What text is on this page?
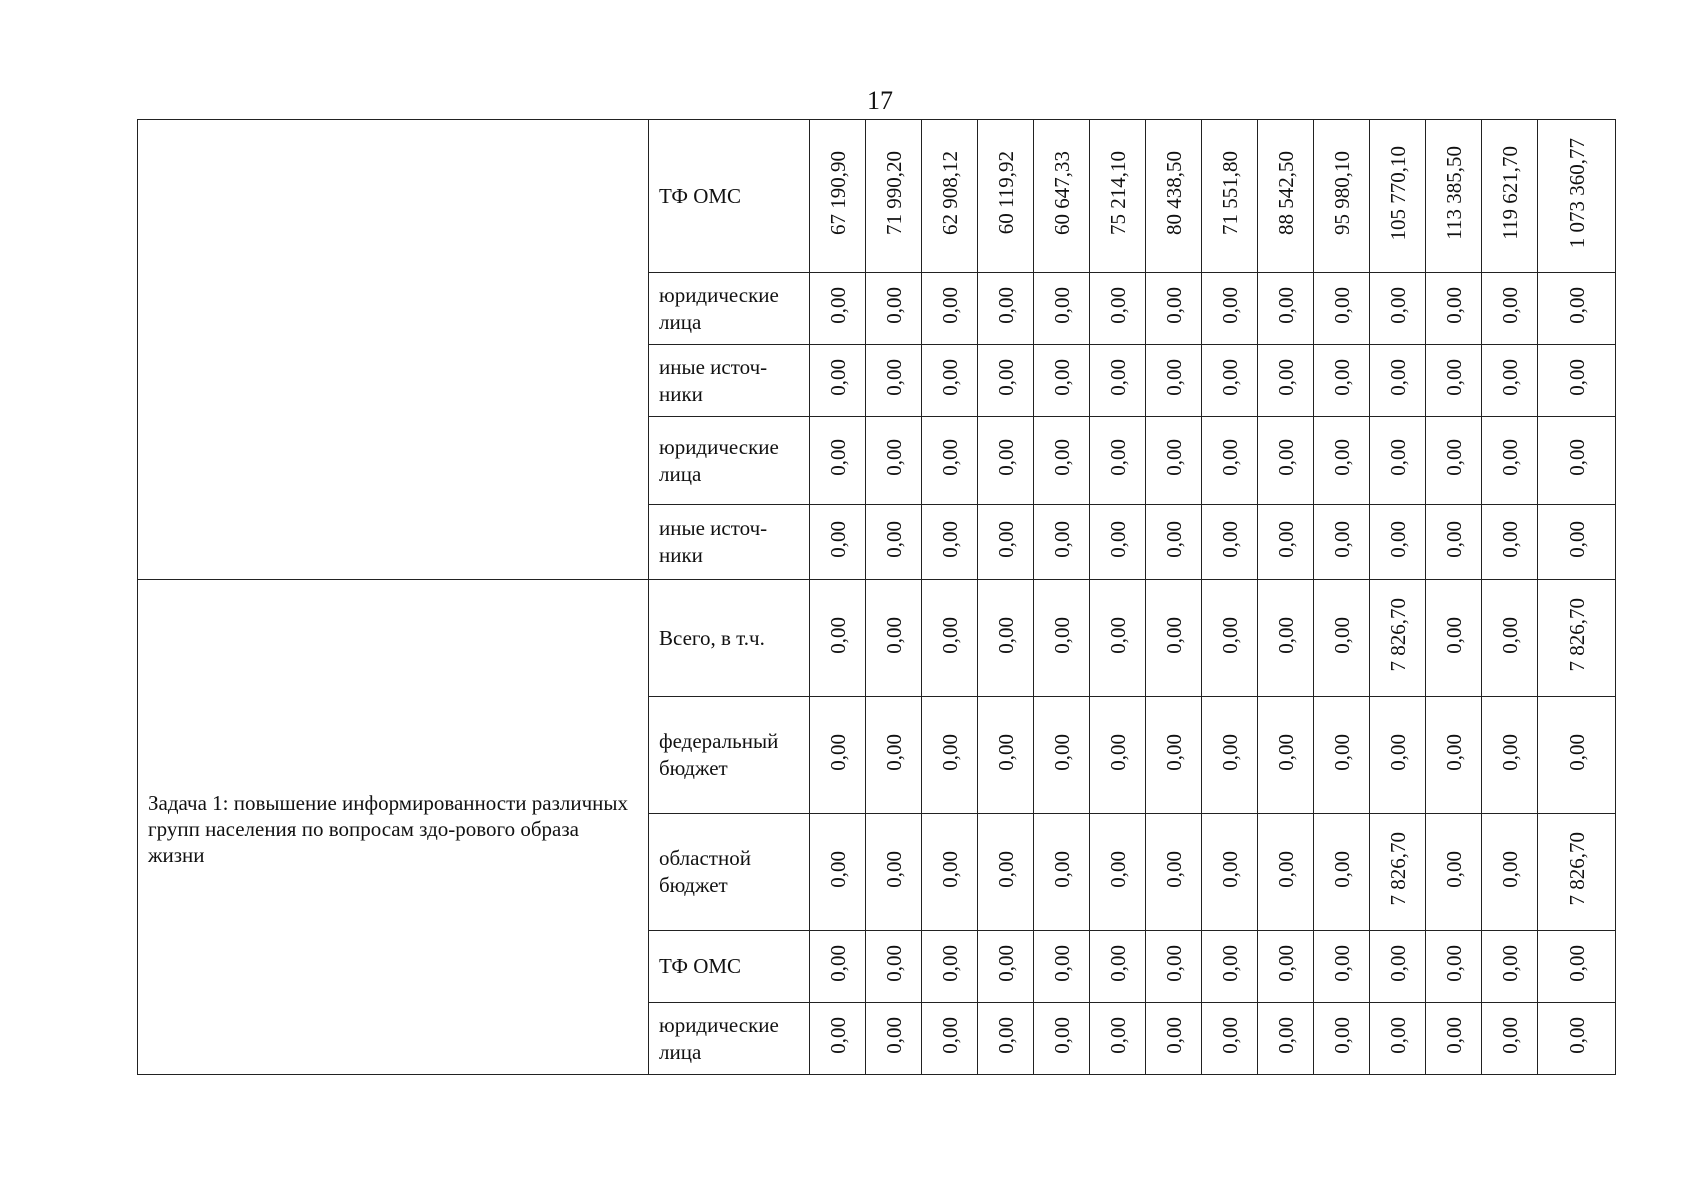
17
	ТФ ОМС	67 190,90	71 990,20	62 908,12	60 119,92	60 647,33	75 214,10	80 438,50	71 551,80	88 542,50	95 980,10	105 770,10	113 385,50	119 621,70	1 073 360,77
	юридические лица	0,00	0,00	0,00	0,00	0,00	0,00	0,00	0,00	0,00	0,00	0,00	0,00	0,00	0,00
	иные источ-ники	0,00	0,00	0,00	0,00	0,00	0,00	0,00	0,00	0,00	0,00	0,00	0,00	0,00	0,00
	юридические лица	0,00	0,00	0,00	0,00	0,00	0,00	0,00	0,00	0,00	0,00	0,00	0,00	0,00	0,00
	иные источ-ники	0,00	0,00	0,00	0,00	0,00	0,00	0,00	0,00	0,00	0,00	0,00	0,00	0,00	0,00
Задача 1: повышение информированности различных групп населения по вопросам здо-рового образа жизни	Всего, в т.ч.	0,00	0,00	0,00	0,00	0,00	0,00	0,00	0,00	0,00	0,00	7 826,70	0,00	0,00	7 826,70
	федеральный бюджет	0,00	0,00	0,00	0,00	0,00	0,00	0,00	0,00	0,00	0,00	0,00	0,00	0,00	0,00
	областной бюджет	0,00	0,00	0,00	0,00	0,00	0,00	0,00	0,00	0,00	0,00	7 826,70	0,00	0,00	7 826,70
	ТФ ОМС	0,00	0,00	0,00	0,00	0,00	0,00	0,00	0,00	0,00	0,00	0,00	0,00	0,00	0,00
	юридические лица	0,00	0,00	0,00	0,00	0,00	0,00	0,00	0,00	0,00	0,00	0,00	0,00	0,00	0,00
